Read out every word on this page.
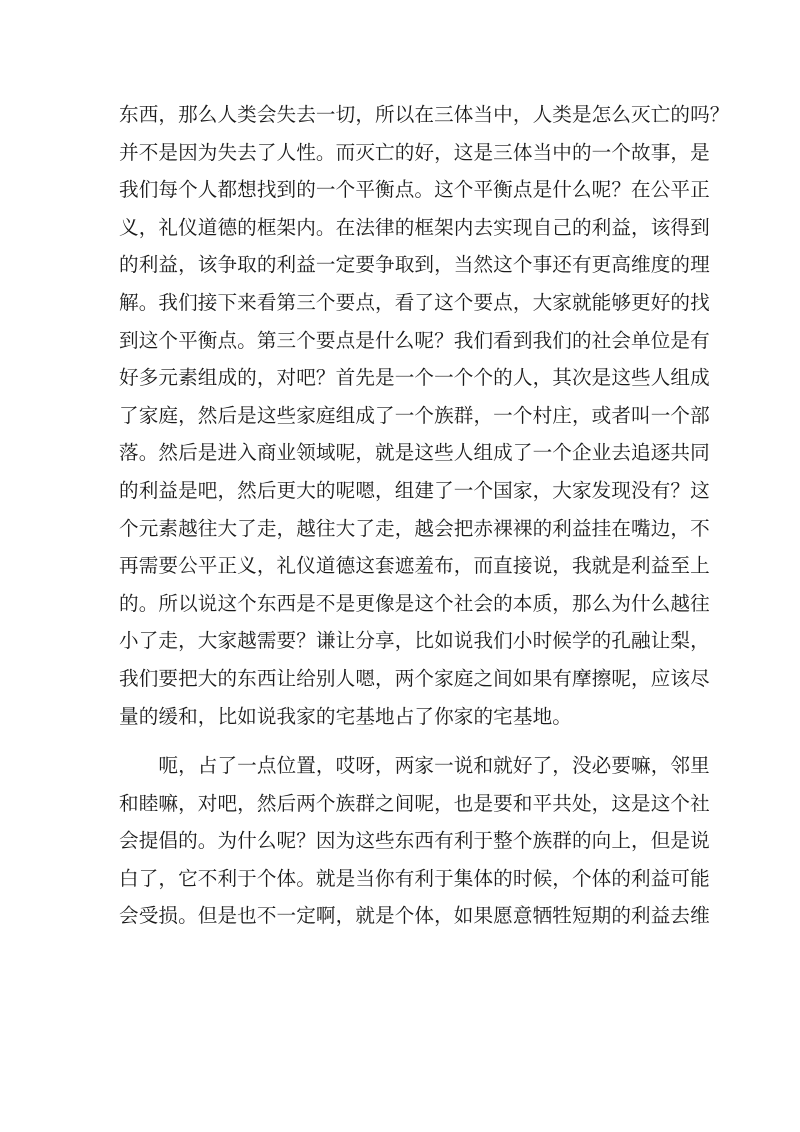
东西，那么人类会失去一切，所以在三体当中，人类是怎么灭亡的吗？
并不是因为失去了人性。而灭亡的好，这是三体当中的一个故事，是
我们每个人都想找到的一个平衡点。这个平衡点是什么呢？在公平正
义，礼仪道德的框架内。在法律的框架内去实现自己的利益，该得到
的利益，该争取的利益一定要争取到，当然这个事还有更高维度的理
解。我们接下来看第三个要点，看了这个要点，大家就能够更好的找
到这个平衡点。第三个要点是什么呢？我们看到我们的社会单位是有
好多元素组成的，对吧？首先是一个一个个的人，其次是这些人组成
了家庭，然后是这些家庭组成了一个族群，一个村庄，或者叫一个部
落。然后是进入商业领域呢，就是这些人组成了一个企业去追逐共同
的利益是吧，然后更大的呢嗯，组建了一个国家，大家发现没有？这
个元素越往大了走，越往大了走，越会把赤裸裸的利益挂在嘴边，不
再需要公平正义，礼仪道德这套遮羞布，而直接说，我就是利益至上
的。所以说这个东西是不是更像是这个社会的本质，那么为什么越往
小了走，大家越需要？谦让分享，比如说我们小时候学的孔融让梨，
我们要把大的东西让给别人嗯，两个家庭之间如果有摩擦呢，应该尽
量的缓和，比如说我家的宅基地占了你家的宅基地。
　　呃，占了一点位置，哎呀，两家一说和就好了，没必要嘛，邻里
和睦嘛，对吧，然后两个族群之间呢，也是要和平共处，这是这个社
会提倡的。为什么呢？因为这些东西有利于整个族群的向上，但是说
白了，它不利于个体。就是当你有利于集体的时候，个体的利益可能
会受损。但是也不一定啊，就是个体，如果愿意牺牲短期的利益去维
